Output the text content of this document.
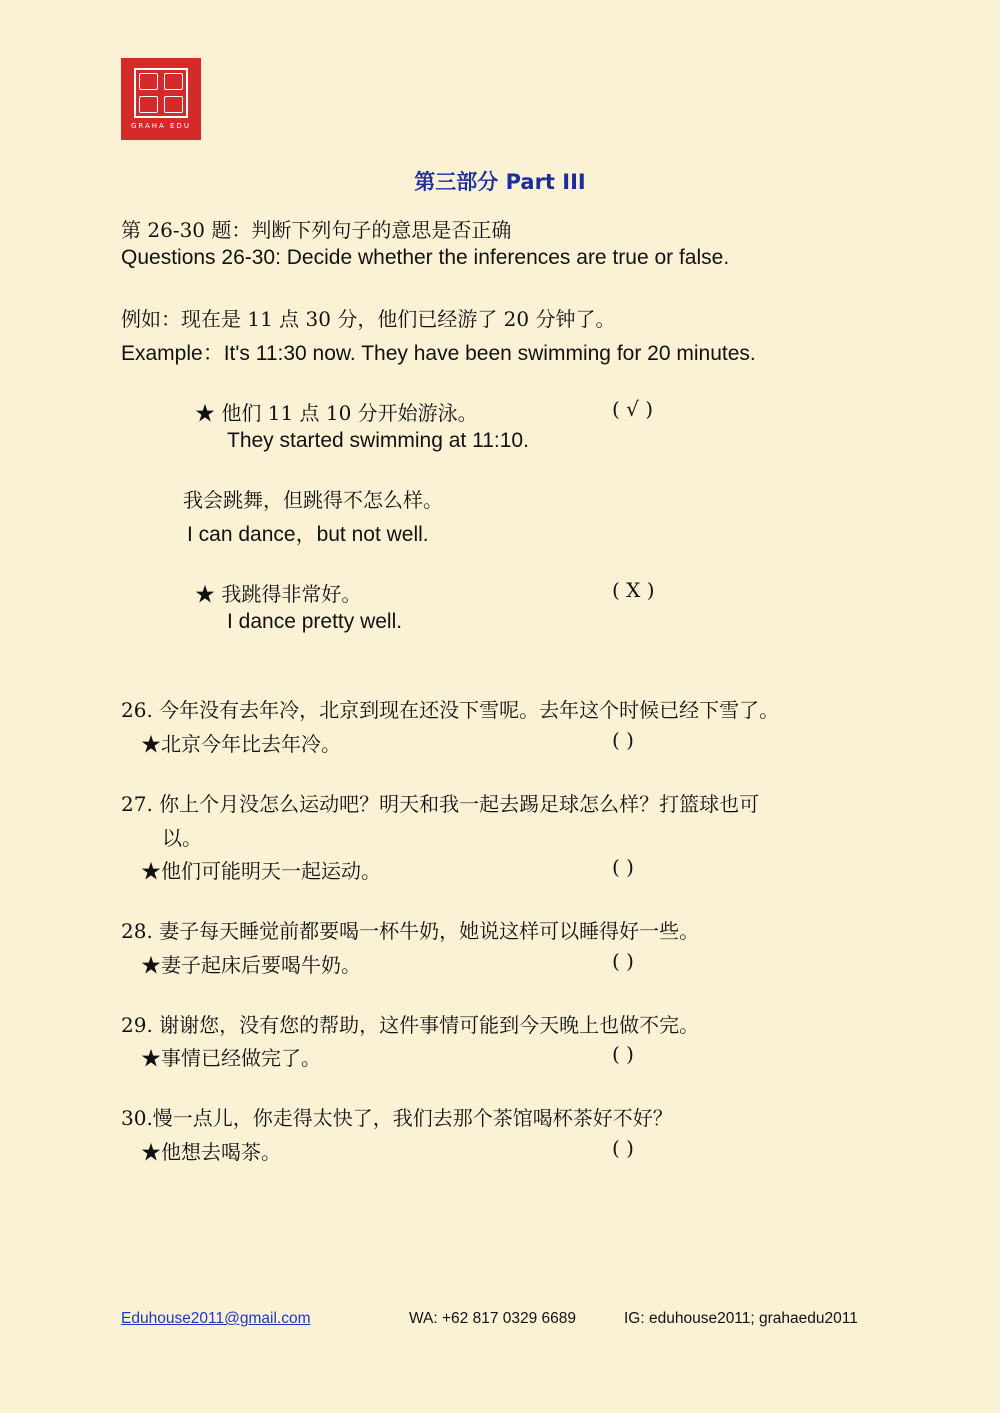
GRAHA EDU
第三部分 Part III
第 26-30 题：判断下列句子的意思是否正确
Questions 26-30: Decide whether the inferences are true or false.
例如：现在是 11 点 30 分，他们已经游了 20 分钟了。
Example：It's 11:30 now. They have been swimming for 20 minutes.
★ 他们 11 点 10 分开始游泳。
They started swimming at 11:10.
( √ )
我会跳舞，但跳得不怎么样。
I can dance，but not well.
★ 我跳得非常好。
I dance pretty well.
( X )
26. 今年没有去年冷，北京到现在还没下雪呢。去年这个时候已经下雪了。
★北京今年比去年冷。	( )
27. 你上个月没怎么运动吧？明天和我一起去踢足球怎么样？打篮球也可
以。
★他们可能明天一起运动。	( )
28. 妻子每天睡觉前都要喝一杯牛奶，她说这样可以睡得好一些。
★妻子起床后要喝牛奶。	( )
29. 谢谢您，没有您的帮助，这件事情可能到今天晚上也做不完。
★事情已经做完了。	( )
30.慢一点儿，你走得太快了，我们去那个茶馆喝杯茶好不好？
★他想去喝茶。	( )
Eduhouse2011@gmail.com	WA: +62 817 0329 6689	IG: eduhouse2011; grahaedu2011
